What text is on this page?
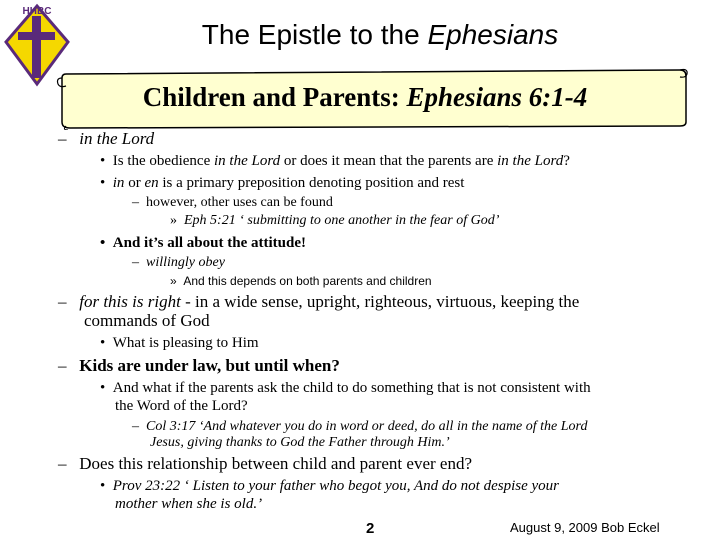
HHBC
The Epistle to the Ephesians
Children and Parents: Ephesians 6:1-4
– in the Lord
• Is the obedience in the Lord or does it mean that the parents are in the Lord?
• in or en is a primary preposition denoting position and rest
– however, other uses can be found
» Eph 5:21 ‘ submitting to one another in the fear of God’
• And it’s all about the attitude!
– willingly obey
» And this depends on both parents and children
– for this is right - in a wide sense, upright, righteous, virtuous, keeping the
commands of God
• What is pleasing to Him
– Kids are under law, but until when?
• And what if the parents ask the child to do something that is not consistent with
the Word of the Lord?
– Col 3:17 ‘And whatever you do in word or deed, do all in the name of the Lord
Jesus, giving thanks to God the Father through Him.’
– Does this relationship between child and parent ever end?
• Prov 23:22 ‘ Listen to your father who begot you, And do not despise your
mother when she is old.’
2	August 9, 2009 Bob Eckel
